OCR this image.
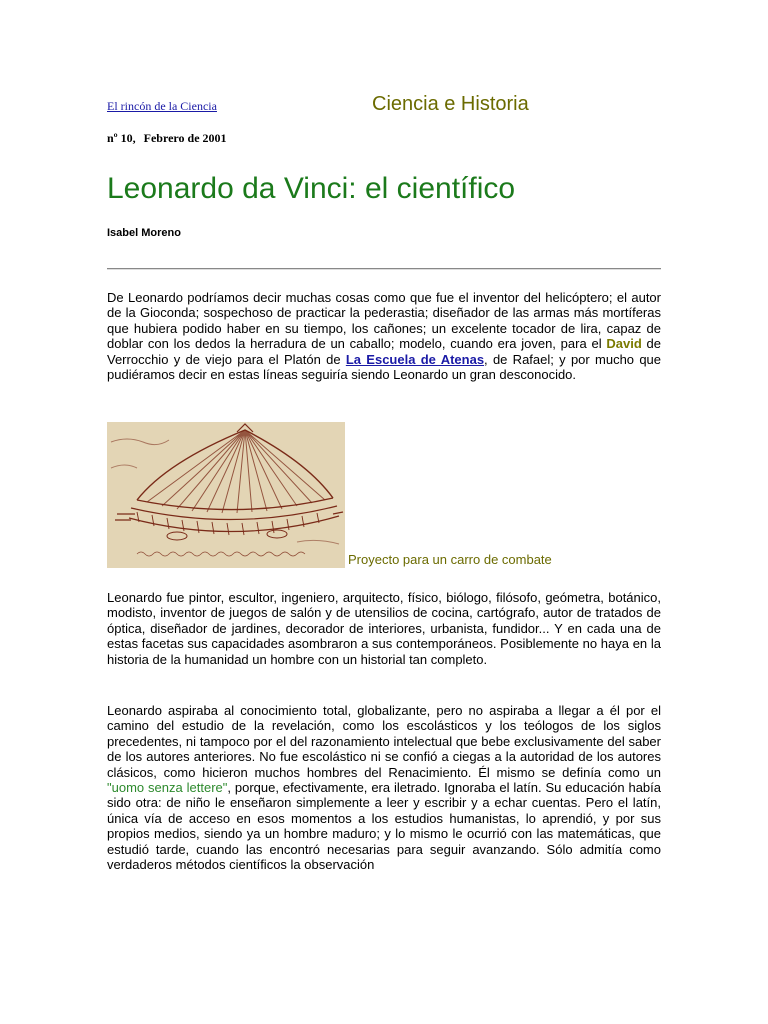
El rincón de la Ciencia	Ciencia e Historia
nº 10, Febrero de 2001
Leonardo da Vinci: el científico
Isabel Moreno

De Leonardo podríamos decir muchas cosas como que fue el inventor del helicóptero; el autor de la Gioconda; sospechoso de practicar la pederastia; diseñador de las armas más mortíferas que hubiera podido haber en su tiempo, los cañones; un excelente tocador de lira, capaz de doblar con los dedos la herradura de un caballo; modelo, cuando era joven, para el David de Verrocchio y de viejo para el Platón de La Escuela de Atenas, de Rafael; y por mucho que pudiéramos decir en estas líneas seguiría siendo Leonardo un gran desconocido.

Proyecto para un carro de combate

Leonardo fue pintor, escultor, ingeniero, arquitecto, físico, biólogo, filósofo, geómetra, botánico, modisto, inventor de juegos de salón y de utensilios de cocina, cartógrafo, autor de tratados de óptica, diseñador de jardines, decorador de interiores, urbanista, fundidor... Y en cada una de estas facetas sus capacidades asombraron a sus contemporáneos. Posiblemente no haya en la historia de la humanidad un hombre con un historial tan completo.

Leonardo aspiraba al conocimiento total, globalizante, pero no aspiraba a llegar a él por el camino del estudio de la revelación, como los escolásticos y los teólogos de los siglos precedentes, ni tampoco por el del razonamiento intelectual que bebe exclusivamente del saber de los autores anteriores. No fue escolástico ni se confió a ciegas a la autoridad de los autores clásicos, como hicieron muchos hombres del Renacimiento. Él mismo se definía como un "uomo senza lettere", porque, efectivamente, era iletrado. Ignoraba el latín. Su educación había sido otra: de niño le enseñaron simplemente a leer y escribir y a echar cuentas. Pero el latín, única vía de acceso en esos momentos a los estudios humanistas, lo aprendió, y por sus propios medios, siendo ya un hombre maduro; y lo mismo le ocurrió con las matemáticas, que estudió tarde, cuando las encontró necesarias para seguir avanzando. Sólo admitía como verdaderos métodos científicos la observación
